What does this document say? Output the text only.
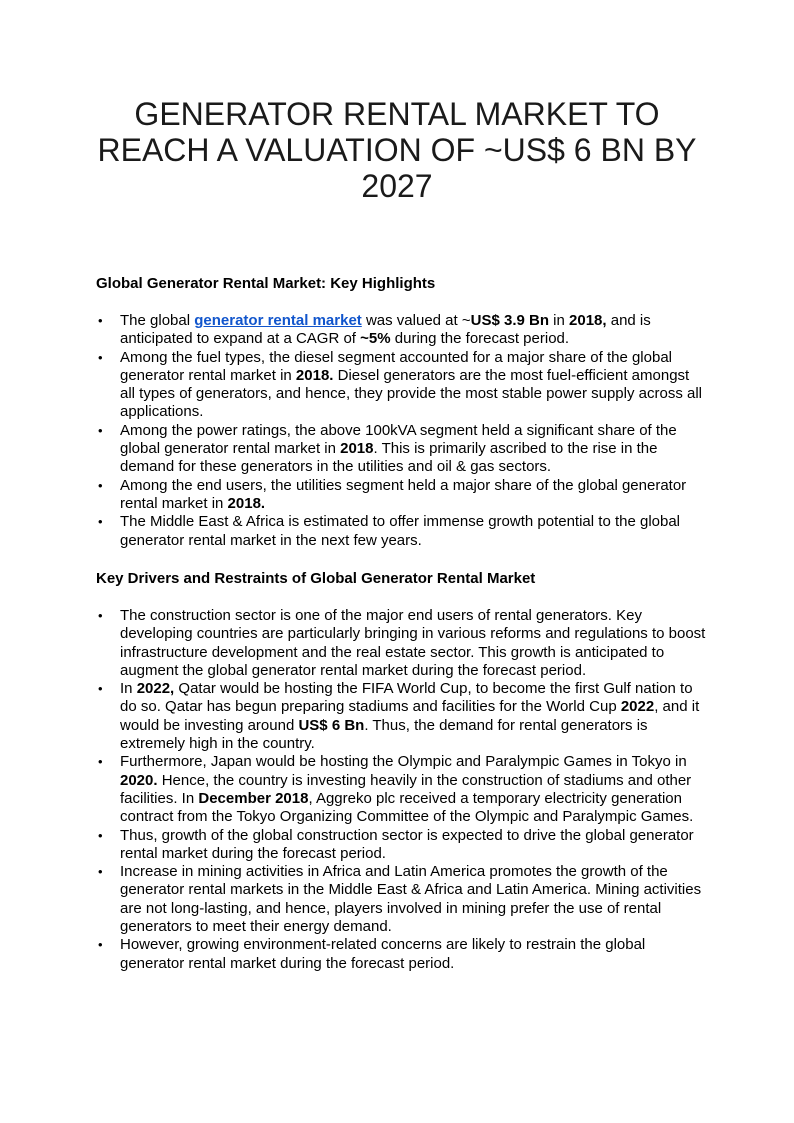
GENERATOR RENTAL MARKET TO REACH A VALUATION OF ~US$ 6 BN BY 2027
Global Generator Rental Market: Key Highlights
• The global generator rental market was valued at ~US$ 3.9 Bn in 2018, and is anticipated to expand at a CAGR of ~5% during the forecast period.
• Among the fuel types, the diesel segment accounted for a major share of the global generator rental market in 2018. Diesel generators are the most fuel-efficient amongst all types of generators, and hence, they provide the most stable power supply across all applications.
• Among the power ratings, the above 100kVA segment held a significant share of the global generator rental market in 2018. This is primarily ascribed to the rise in the demand for these generators in the utilities and oil & gas sectors.
• Among the end users, the utilities segment held a major share of the global generator rental market in 2018.
• The Middle East & Africa is estimated to offer immense growth potential to the global generator rental market in the next few years.
Key Drivers and Restraints of Global Generator Rental Market
• The construction sector is one of the major end users of rental generators. Key developing countries are particularly bringing in various reforms and regulations to boost infrastructure development and the real estate sector. This growth is anticipated to augment the global generator rental market during the forecast period.
• In 2022, Qatar would be hosting the FIFA World Cup, to become the first Gulf nation to do so. Qatar has begun preparing stadiums and facilities for the World Cup 2022, and it would be investing around US$ 6 Bn. Thus, the demand for rental generators is extremely high in the country.
• Furthermore, Japan would be hosting the Olympic and Paralympic Games in Tokyo in 2020. Hence, the country is investing heavily in the construction of stadiums and other facilities. In December 2018, Aggreko plc received a temporary electricity generation contract from the Tokyo Organizing Committee of the Olympic and Paralympic Games.
• Thus, growth of the global construction sector is expected to drive the global generator rental market during the forecast period.
• Increase in mining activities in Africa and Latin America promotes the growth of the generator rental markets in the Middle East & Africa and Latin America. Mining activities are not long-lasting, and hence, players involved in mining prefer the use of rental generators to meet their energy demand.
• However, growing environment-related concerns are likely to restrain the global generator rental market during the forecast period.
